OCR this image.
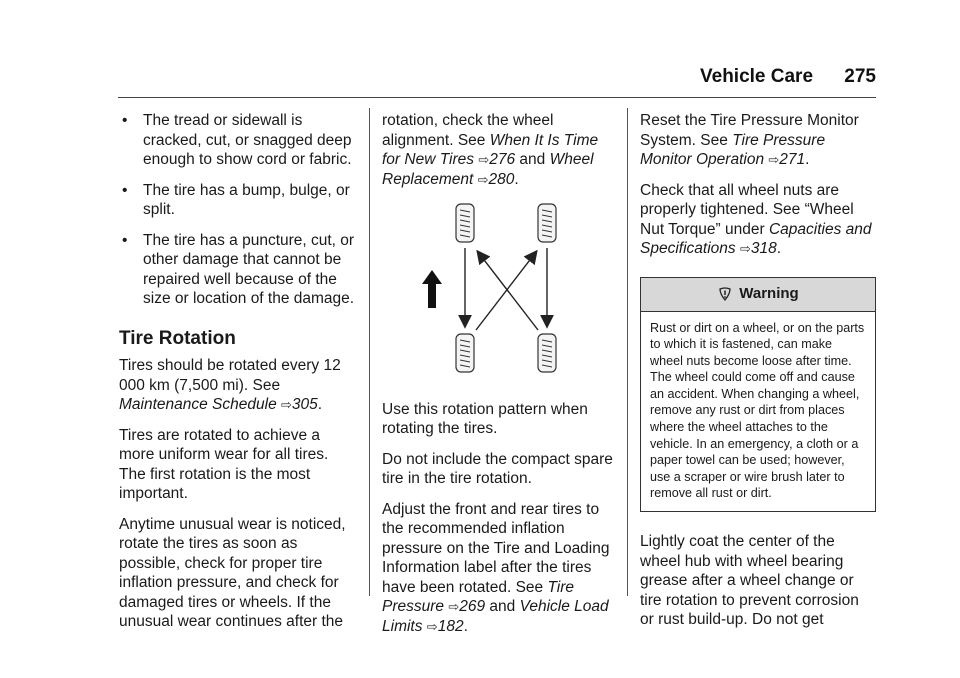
Vehicle Care 275
• The tread or sidewall is cracked, cut, or snagged deep enough to show cord or fabric.
• The tire has a bump, bulge, or split.
• The tire has a puncture, cut, or other damage that cannot be repaired well because of the size or location of the damage.
Tire Rotation

Tires should be rotated every 12 000 km (7,500 mi). See Maintenance Schedule ⇨305.

Tires are rotated to achieve a more uniform wear for all tires. The first rotation is the most important.

Anytime unusual wear is noticed, rotate the tires as soon as possible, check for proper tire inflation pressure, and check for damaged tires or wheels. If the unusual wear continues after the

rotation, check the wheel alignment. See When It Is Time for New Tires ⇨276 and Wheel Replacement ⇨280.

Use this rotation pattern when rotating the tires.

Do not include the compact spare tire in the tire rotation.

Adjust the front and rear tires to the recommended inflation pressure on the Tire and Loading Information label after the tires have been rotated. See Tire Pressure ⇨269 and Vehicle Load Limits ⇨182.

Reset the Tire Pressure Monitor System. See Tire Pressure Monitor Operation ⇨271.

Check that all wheel nuts are properly tightened. See “Wheel Nut Torque” under Capacities and Specifications ⇨318.

Warning
Rust or dirt on a wheel, or on the parts to which it is fastened, can make wheel nuts become loose after time. The wheel could come off and cause an accident. When changing a wheel, remove any rust or dirt from places where the wheel attaches to the vehicle. In an emergency, a cloth or a paper towel can be used; however, use a scraper or wire brush later to remove all rust or dirt.

Lightly coat the center of the wheel hub with wheel bearing grease after a wheel change or tire rotation to prevent corrosion or rust build-up. Do not get
